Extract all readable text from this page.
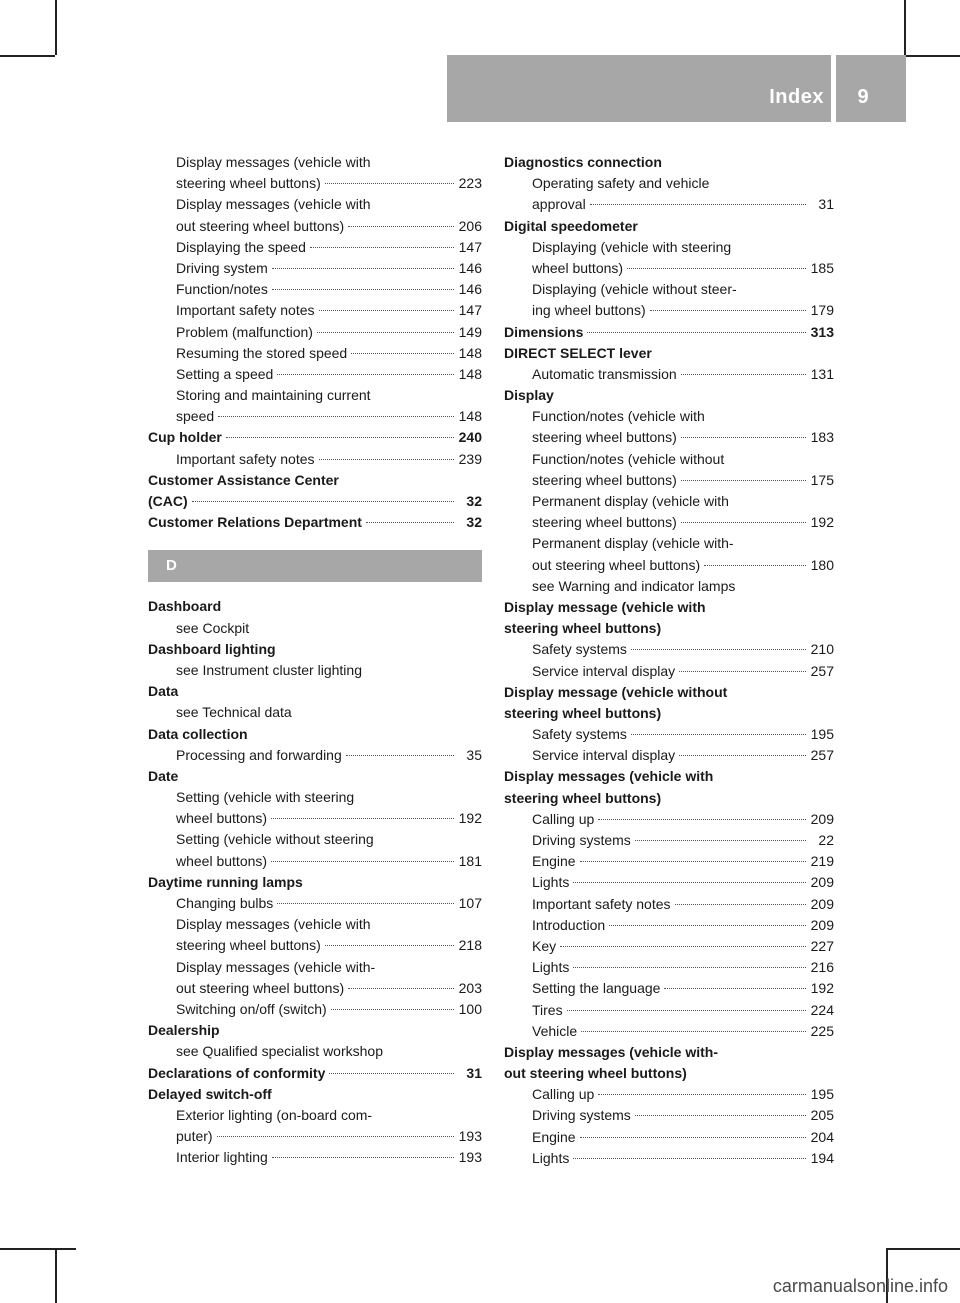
Index	9
Display messages (vehicle with
steering wheel buttons)	223
Display messages (vehicle with
out steering wheel buttons)	206
Displaying the speed	147
Driving system	146
Function/notes	146
Important safety notes	147
Problem (malfunction)	149
Resuming the stored speed	148
Setting a speed	148
Storing and maintaining current
speed	148
Cup holder	240
Important safety notes	239
Customer Assistance Center
(CAC)	32
Customer Relations Department	32
D
Dashboard
see Cockpit
Dashboard lighting
see Instrument cluster lighting
Data
see Technical data
Data collection
Processing and forwarding	35
Date
Setting (vehicle with steering
wheel buttons)	192
Setting (vehicle without steering
wheel buttons)	181
Daytime running lamps
Changing bulbs	107
Display messages (vehicle with
steering wheel buttons)	218
Display messages (vehicle with-
out steering wheel buttons)	203
Switching on/off (switch)	100
Dealership
see Qualified specialist workshop
Declarations of conformity	31
Delayed switch-off
Exterior lighting (on-board com-
puter)	193
Interior lighting	193
Diagnostics connection
Operating safety and vehicle
approval	31
Digital speedometer
Displaying (vehicle with steering
wheel buttons)	185
Displaying (vehicle without steer-
ing wheel buttons)	179
Dimensions	313
DIRECT SELECT lever
Automatic transmission	131
Display
Function/notes (vehicle with
steering wheel buttons)	183
Function/notes (vehicle without
steering wheel buttons)	175
Permanent display (vehicle with
steering wheel buttons)	192
Permanent display (vehicle with-
out steering wheel buttons)	180
see Warning and indicator lamps
Display message (vehicle with
steering wheel buttons)
Safety systems	210
Service interval display	257
Display message (vehicle without
steering wheel buttons)
Safety systems	195
Service interval display	257
Display messages (vehicle with
steering wheel buttons)
Calling up	209
Driving systems	22
Engine	219
Lights	209
Important safety notes	209
Introduction	209
Key	227
Lights	216
Setting the language	192
Tires	224
Vehicle	225
Display messages (vehicle with-
out steering wheel buttons)
Calling up	195
Driving systems	205
Engine	204
Lights	194
carmanualsonline.info
